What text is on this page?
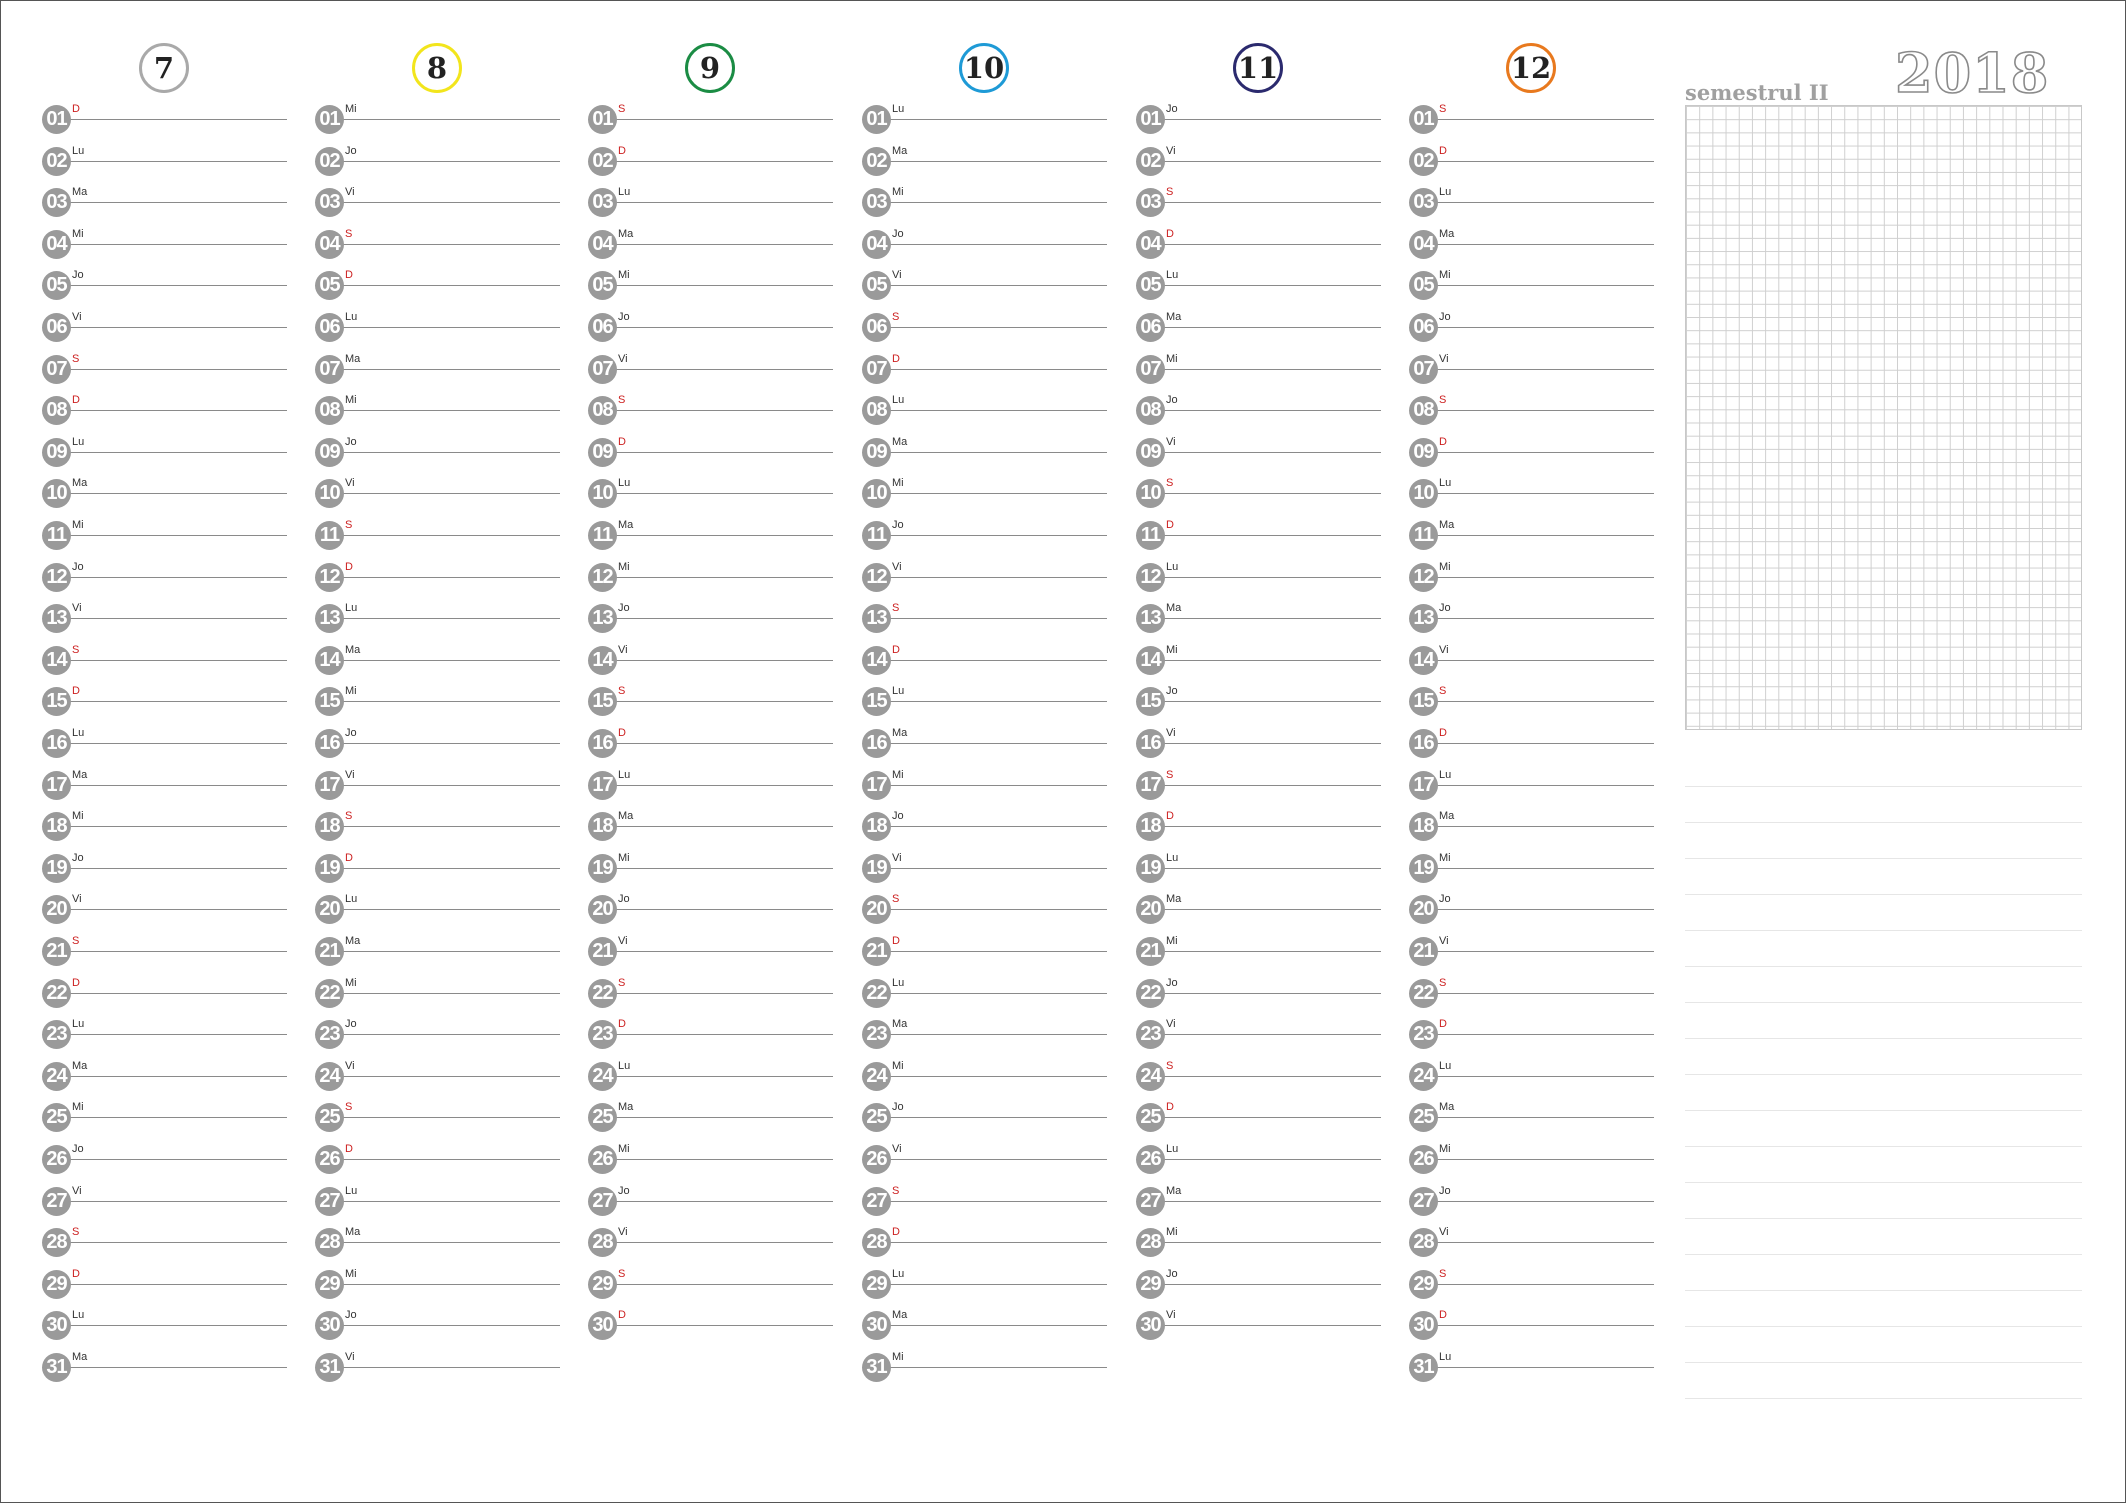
7
01 D
02 Lu
03 Ma
04 Mi
05 Jo
06 Vi
07 S
08 D
09 Lu
10 Ma
11 Mi
12 Jo
13 Vi
14 S
15 D
16 Lu
17 Ma
18 Mi
19 Jo
20 Vi
21 S
22 D
23 Lu
24 Ma
25 Mi
26 Jo
27 Vi
28 S
29 D
30 Lu
31 Ma
8
01 Mi
02 Jo
03 Vi
04 S
05 D
06 Lu
07 Ma
08 Mi
09 Jo
10 Vi
11 S
12 D
13 Lu
14 Ma
15 Mi
16 Jo
17 Vi
18 S
19 D
20 Lu
21 Ma
22 Mi
23 Jo
24 Vi
25 S
26 D
27 Lu
28 Ma
29 Mi
30 Jo
31 Vi
9
01 S
02 D
03 Lu
04 Ma
05 Mi
06 Jo
07 Vi
08 S
09 D
10 Lu
11 Ma
12 Mi
13 Jo
14 Vi
15 S
16 D
17 Lu
18 Ma
19 Mi
20 Jo
21 Vi
22 S
23 D
24 Lu
25 Ma
26 Mi
27 Jo
28 Vi
29 S
30 D
10
01 Lu
02 Ma
03 Mi
04 Jo
05 Vi
06 S
07 D
08 Lu
09 Ma
10 Mi
11 Jo
12 Vi
13 S
14 D
15 Lu
16 Ma
17 Mi
18 Jo
19 Vi
20 S
21 D
22 Lu
23 Ma
24 Mi
25 Jo
26 Vi
27 S
28 D
29 Lu
30 Ma
31 Mi
11
01 Jo
02 Vi
03 S
04 D
05 Lu
06 Ma
07 Mi
08 Jo
09 Vi
10 S
11 D
12 Lu
13 Ma
14 Mi
15 Jo
16 Vi
17 S
18 D
19 Lu
20 Ma
21 Mi
22 Jo
23 Vi
24 S
25 D
26 Lu
27 Ma
28 Mi
29 Jo
30 Vi
12
01 S
02 D
03 Lu
04 Ma
05 Mi
06 Jo
07 Vi
08 S
09 D
10 Lu
11 Ma
12 Mi
13 Jo
14 Vi
15 S
16 D
17 Lu
18 Ma
19 Mi
20 Jo
21 Vi
22 S
23 D
24 Lu
25 Ma
26 Mi
27 Jo
28 Vi
29 S
30 D
31 Lu
semestrul II 2018
